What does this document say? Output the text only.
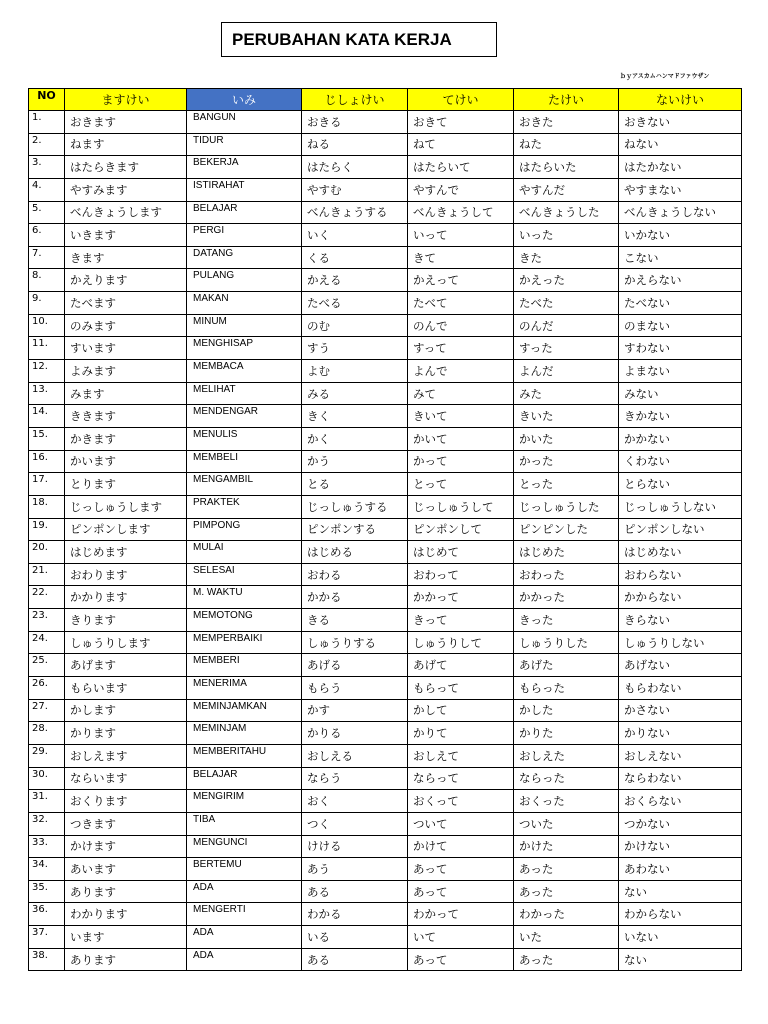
PERUBAHAN KATA KERJA
ｂｙアスカムハンマドファウザン
NO	ますけい	いみ	じしょけい	てけい	たけい	ないけい
1.	おきます	BANGUN	おきる	おきて	おきた	おきない
2.	ねます	TIDUR	ねる	ねて	ねた	ねない
3.	はたらきます	BEKERJA	はたらく	はたらいて	はたらいた	はたかない
4.	やすみます	ISTIRAHAT	やすむ	やすんで	やすんだ	やすまない
5.	べんきょうします	BELAJAR	べんきょうする	べんきょうして	べんきょうした	べんきょうしない
6.	いきます	PERGI	いく	いって	いった	いかない
7.	きます	DATANG	くる	きて	きた	こない
8.	かえります	PULANG	かえる	かえって	かえった	かえらない
9.	たべます	MAKAN	たべる	たべて	たべた	たべない
10.	のみます	MINUM	のむ	のんで	のんだ	のまない
11.	すいます	MENGHISAP	すう	すって	すった	すわない
12.	よみます	MEMBACA	よむ	よんで	よんだ	よまない
13.	みます	MELIHAT	みる	みて	みた	みない
14.	ききます	MENDENGAR	きく	きいて	きいた	きかない
15.	かきます	MENULIS	かく	かいて	かいた	かかない
16.	かいます	MEMBELI	かう	かって	かった	くわない
17.	とります	MENGAMBIL	とる	とって	とった	とらない
18.	じっしゅうします	PRAKTEK	じっしゅうする	じっしゅうして	じっしゅうした	じっしゅうしない
19.	ピンポンします	PIMPONG	ピンポンする	ピンポンして	ピンピンした	ピンポンしない
20.	はじめます	MULAI	はじめる	はじめて	はじめた	はじめない
21.	おわります	SELESAI	おわる	おわって	おわった	おわらない
22.	かかります	M. WAKTU	かかる	かかって	かかった	かからない
23.	きります	MEMOTONG	きる	きって	きった	きらない
24.	しゅうりします	MEMPERBAIKI	しゅうりする	しゅうりして	しゅうりした	しゅうりしない
25.	あげます	MEMBERI	あげる	あげて	あげた	あげない
26.	もらいます	MENERIMA	もらう	もらって	もらった	もらわない
27.	かします	MEMINJAMKAN	かす	かして	かした	かさない
28.	かります	MEMINJAM	かりる	かりて	かりた	かりない
29.	おしえます	MEMBERITAHU	おしえる	おしえて	おしえた	おしえない
30.	ならいます	BELAJAR	ならう	ならって	ならった	ならわない
31.	おくります	MENGIRIM	おく	おくって	おくった	おくらない
32.	つきます	TIBA	つく	ついて	ついた	つかない
33.	かけます	MENGUNCI	けける	かけて	かけた	かけない
34.	あいます	BERTEMU	あう	あって	あった	あわない
35.	あります	ADA	ある	あって	あった	ない
36.	わかります	MENGERTI	わかる	わかって	わかった	わからない
37.	います	ADA	いる	いて	いた	いない
38.	あります	ADA	ある	あって	あった	ない
